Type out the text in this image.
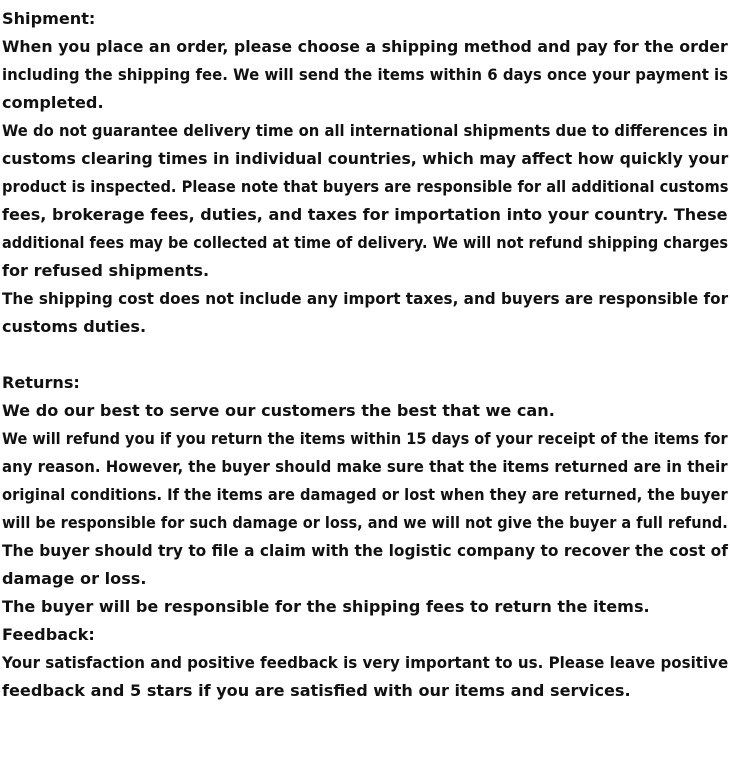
Shipment:
When you place an order, please choose a shipping method and pay for the order
including the shipping fee. We will send the items within 6 days once your payment is
completed.
We do not guarantee delivery time on all international shipments due to differences in
customs clearing times in individual countries, which may affect how quickly your
product is inspected. Please note that buyers are responsible for all additional customs
fees, brokerage fees, duties, and taxes for importation into your country. These
additional fees may be collected at time of delivery. We will not refund shipping charges
for refused shipments.
The shipping cost does not include any import taxes, and buyers are responsible for
customs duties.
Returns:
We do our best to serve our customers the best that we can.
We will refund you if you return the items within 15 days of your receipt of the items for
any reason. However, the buyer should make sure that the items returned are in their
original conditions. If the items are damaged or lost when they are returned, the buyer
will be responsible for such damage or loss, and we will not give the buyer a full refund.
The buyer should try to file a claim with the logistic company to recover the cost of
damage or loss.
The buyer will be responsible for the shipping fees to return the items.
Feedback:
Your satisfaction and positive feedback is very important to us. Please leave positive
feedback and 5 stars if you are satisfied with our items and services.
